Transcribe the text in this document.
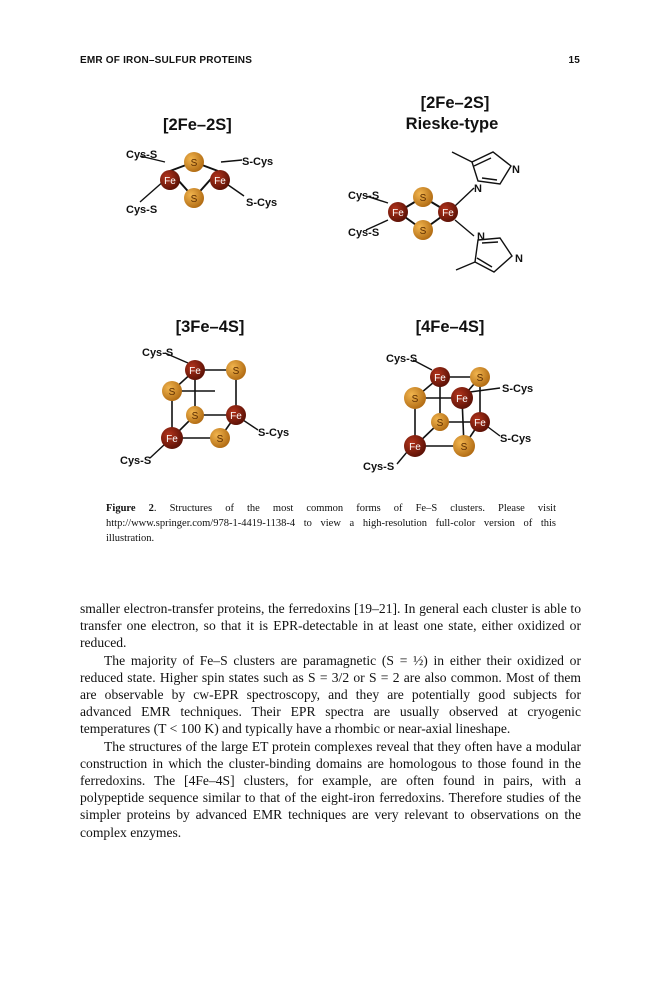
EMR OF IRON–SULFUR PROTEINS	15
[2Fe–2S]
S
S
Fe	Fe
Cys-S
Cys-S
S-Cys
S-Cys
[2Fe–2S]
Rieske-type
S
S
Fe	Fe
Cys-S
Cys-S
N
N
N
N
[3Fe–4S]
S
S
S
S
Fe
Fe
Fe
Cys-S
Cys-S
S-Cys
[4Fe–4S]
S
S
S
S
Fe
Fe
Fe
Fe
Cys-S
Cys-S
S-Cys
S-Cys
Figure 2. Structures of the most common forms of Fe–S clusters. Please visit http://www.springer.com/978-1-4419-1138-4 to view a high-resolution full-color version of this illustration.

smaller electron-transfer proteins, the ferredoxins [19–21]. In general each cluster is able to transfer one electron, so that it is EPR-detectable in at least one state, either oxidized or reduced.

The majority of Fe–S clusters are paramagnetic (S = ½) in either their oxidized or reduced state. Higher spin states such as S = 3/2 or S = 2 are also common. Most of them are observable by cw-EPR spectroscopy, and they are potentially good subjects for advanced EMR techniques. Their EPR spectra are usually observed at cryogenic temperatures (T < 100 K) and typically have a rhombic or near-axial lineshape.

The structures of the large ET protein complexes reveal that they often have a modular construction in which the cluster-binding domains are homologous to those found in the ferredoxins. The [4Fe–4S] clusters, for example, are often found in pairs, with a polypeptide sequence similar to that of the eight-iron ferredoxins. Therefore studies of the simpler proteins by advanced EMR techniques are very relevant to observations on the complex enzymes.
